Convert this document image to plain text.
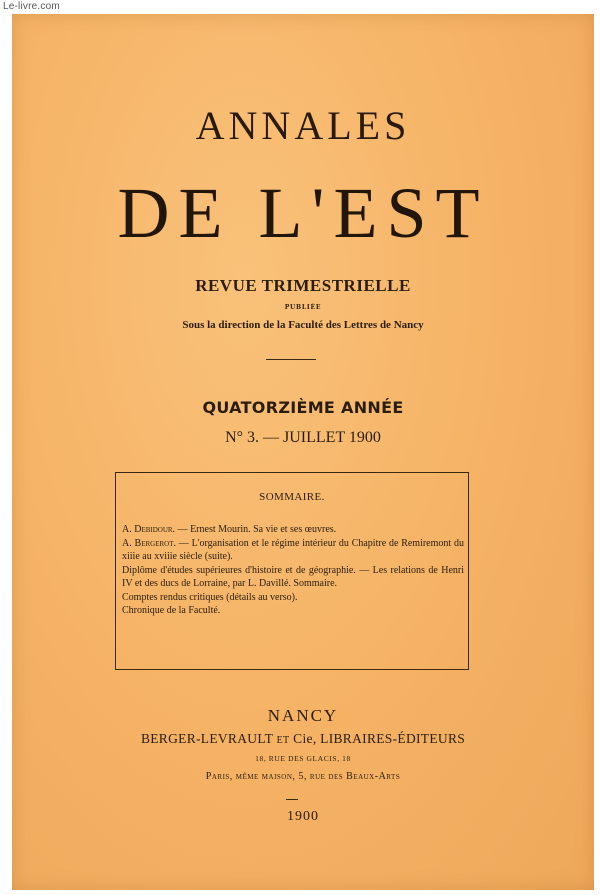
Le-livre.com
ANNALES
DE L'EST
REVUE TRIMESTRIELLE
PUBLIÉE
Sous la direction de la Faculté des Lettres de Nancy
QUATORZIÈME ANNÉE
N° 3. — JUILLET 1900
SOMMAIRE.

A. Debidour. — Ernest Mourin. Sa vie et ses œuvres.

A. Bergerot. — L'organisation et le régime intérieur du Chapitre de Remiremont du xiiie au xviiie siècle (suite).

Diplôme d'études supérieures d'histoire et de géographie. — Les relations de Henri IV et des ducs de Lorraine, par L. Davillé. Sommaire.

Comptes rendus critiques (détails au verso).

Chronique de la Faculté.

NANCY
BERGER-LEVRAULT ET Cie, LIBRAIRES-ÉDITEURS
18, RUE DES GLACIS, 18
Paris, même maison, 5, rue des Beaux-Arts
1900
